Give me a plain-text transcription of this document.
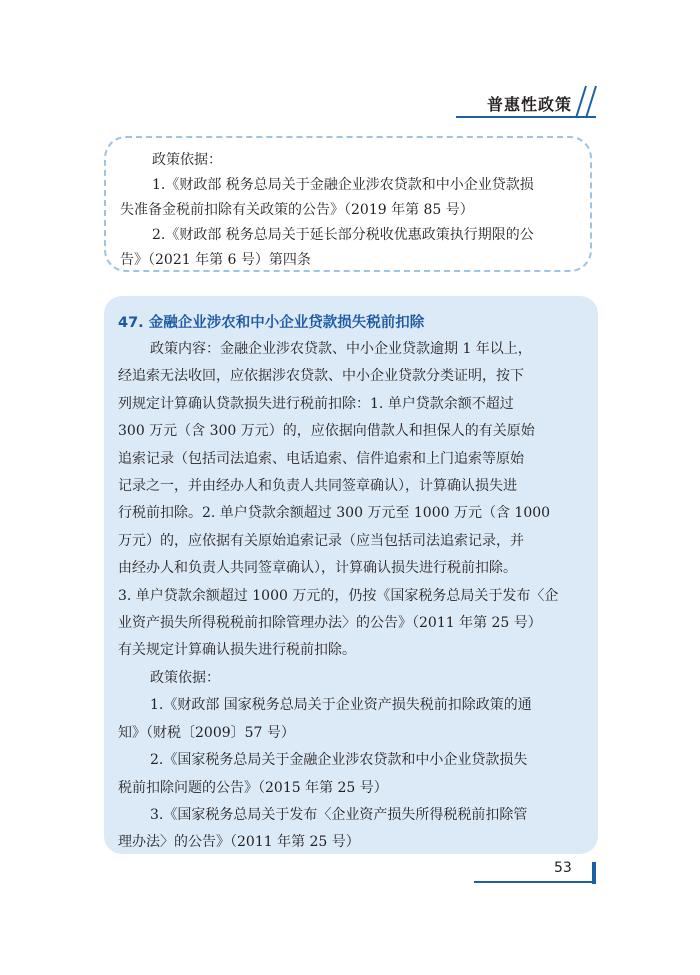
普惠性政策
政策依据：
1.《财政部 税务总局关于金融企业涉农贷款和中小企业贷款损
失准备金税前扣除有关政策的公告》（2019 年第 85 号）
2.《财政部 税务总局关于延长部分税收优惠政策执行期限的公
告》（2021 年第 6 号）第四条
47. 金融企业涉农和中小企业贷款损失税前扣除
政策内容：金融企业涉农贷款、中小企业贷款逾期 1 年以上，
经追索无法收回，应依据涉农贷款、中小企业贷款分类证明，按下
列规定计算确认贷款损失进行税前扣除：1. 单户贷款余额不超过
300 万元（含 300 万元）的，应依据向借款人和担保人的有关原始
追索记录（包括司法追索、电话追索、信件追索和上门追索等原始
记录之一，并由经办人和负责人共同签章确认），计算确认损失进
行税前扣除。2. 单户贷款余额超过 300 万元至 1000 万元（含 1000
万元）的，应依据有关原始追索记录（应当包括司法追索记录，并
由经办人和负责人共同签章确认），计算确认损失进行税前扣除。
3. 单户贷款余额超过 1000 万元的，仍按《国家税务总局关于发布〈企
业资产损失所得税税前扣除管理办法〉的公告》（2011 年第 25 号）
有关规定计算确认损失进行税前扣除。
政策依据：
1.《财政部 国家税务总局关于企业资产损失税前扣除政策的通
知》（财税〔2009〕57 号）
2.《国家税务总局关于金融企业涉农贷款和中小企业贷款损失
税前扣除问题的公告》（2015 年第 25 号）
3.《国家税务总局关于发布〈企业资产损失所得税税前扣除管
理办法〉的公告》（2011 年第 25 号）
53
